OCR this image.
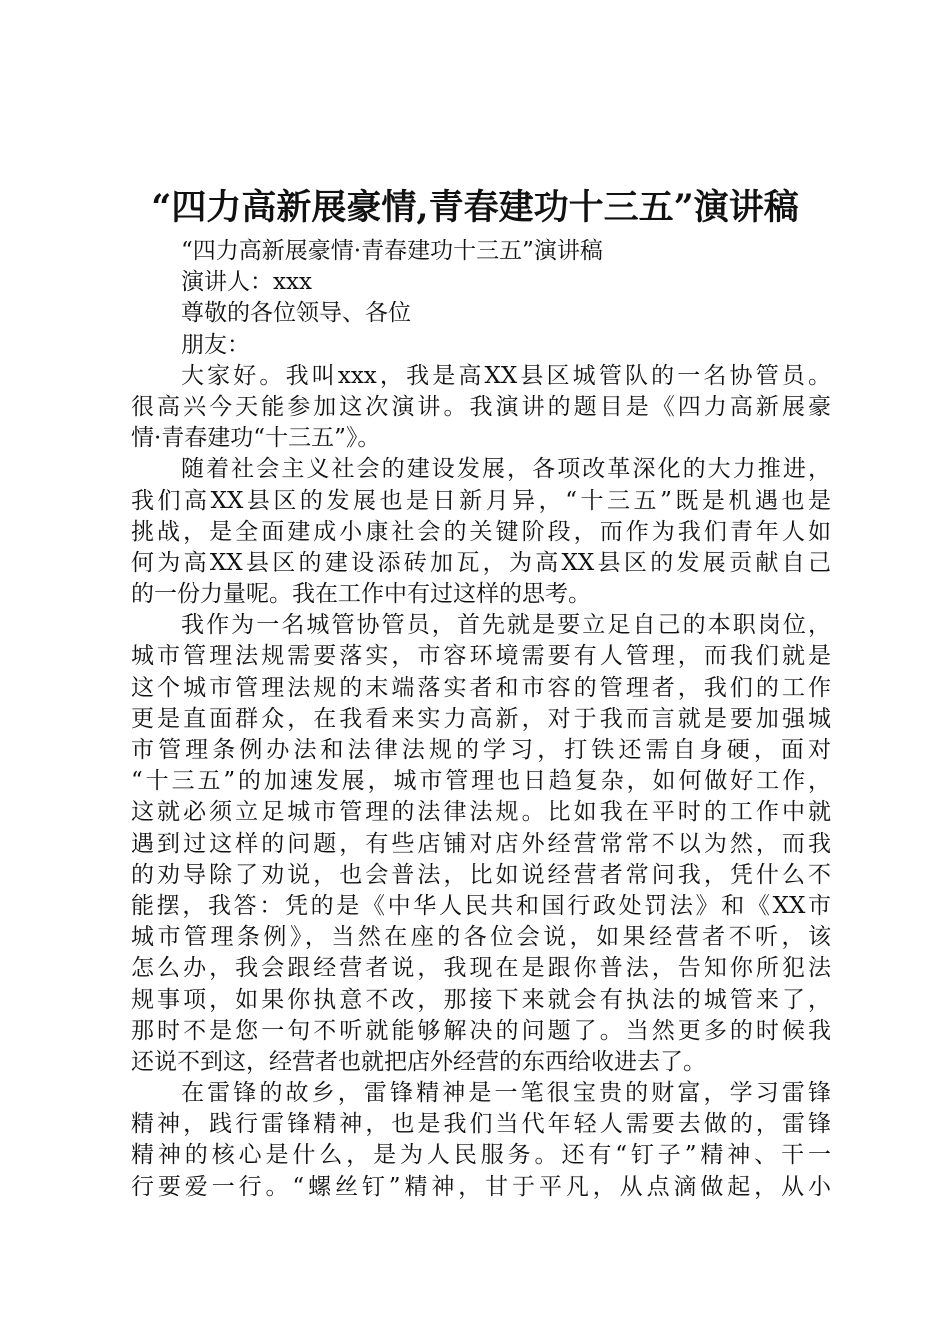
“四力高新展豪情,青春建功十三五”演讲稿
“四力高新展豪情·青春建功十三五”演讲稿
演讲人：xxx
尊敬的各位领导、各位
朋友：
大家好。我叫xxx，我是高XX县区城管队的一名协管员。
很高兴今天能参加这次演讲。我演讲的题目是《四力高新展豪
情·青春建功“十三五”》。
随着社会主义社会的建设发展，各项改革深化的大力推进，
我们高XX县区的发展也是日新月异，“十三五”既是机遇也是
挑战，是全面建成小康社会的关键阶段，而作为我们青年人如
何为高XX县区的建设添砖加瓦，为高XX县区的发展贡献自己
的一份力量呢。我在工作中有过这样的思考。
我作为一名城管协管员，首先就是要立足自己的本职岗位，
城市管理法规需要落实，市容环境需要有人管理，而我们就是
这个城市管理法规的末端落实者和市容的管理者，我们的工作
更是直面群众，在我看来实力高新，对于我而言就是要加强城
市管理条例办法和法律法规的学习，打铁还需自身硬，面对
“十三五”的加速发展，城市管理也日趋复杂，如何做好工作，
这就必须立足城市管理的法律法规。比如我在平时的工作中就
遇到过这样的问题，有些店铺对店外经营常常不以为然，而我
的劝导除了劝说，也会普法，比如说经营者常问我，凭什么不
能摆，我答：凭的是《中华人民共和国行政处罚法》和《XX市
城市管理条例》，当然在座的各位会说，如果经营者不听，该
怎么办，我会跟经营者说，我现在是跟你普法，告知你所犯法
规事项，如果你执意不改，那接下来就会有执法的城管来了，
那时不是您一句不听就能够解决的问题了。当然更多的时候我
还说不到这，经营者也就把店外经营的东西给收进去了。
在雷锋的故乡，雷锋精神是一笔很宝贵的财富，学习雷锋
精神，践行雷锋精神，也是我们当代年轻人需要去做的，雷锋
精神的核心是什么，是为人民服务。还有“钉子”精神、干一
行要爱一行。“螺丝钉”精神，甘于平凡，从点滴做起，从小
